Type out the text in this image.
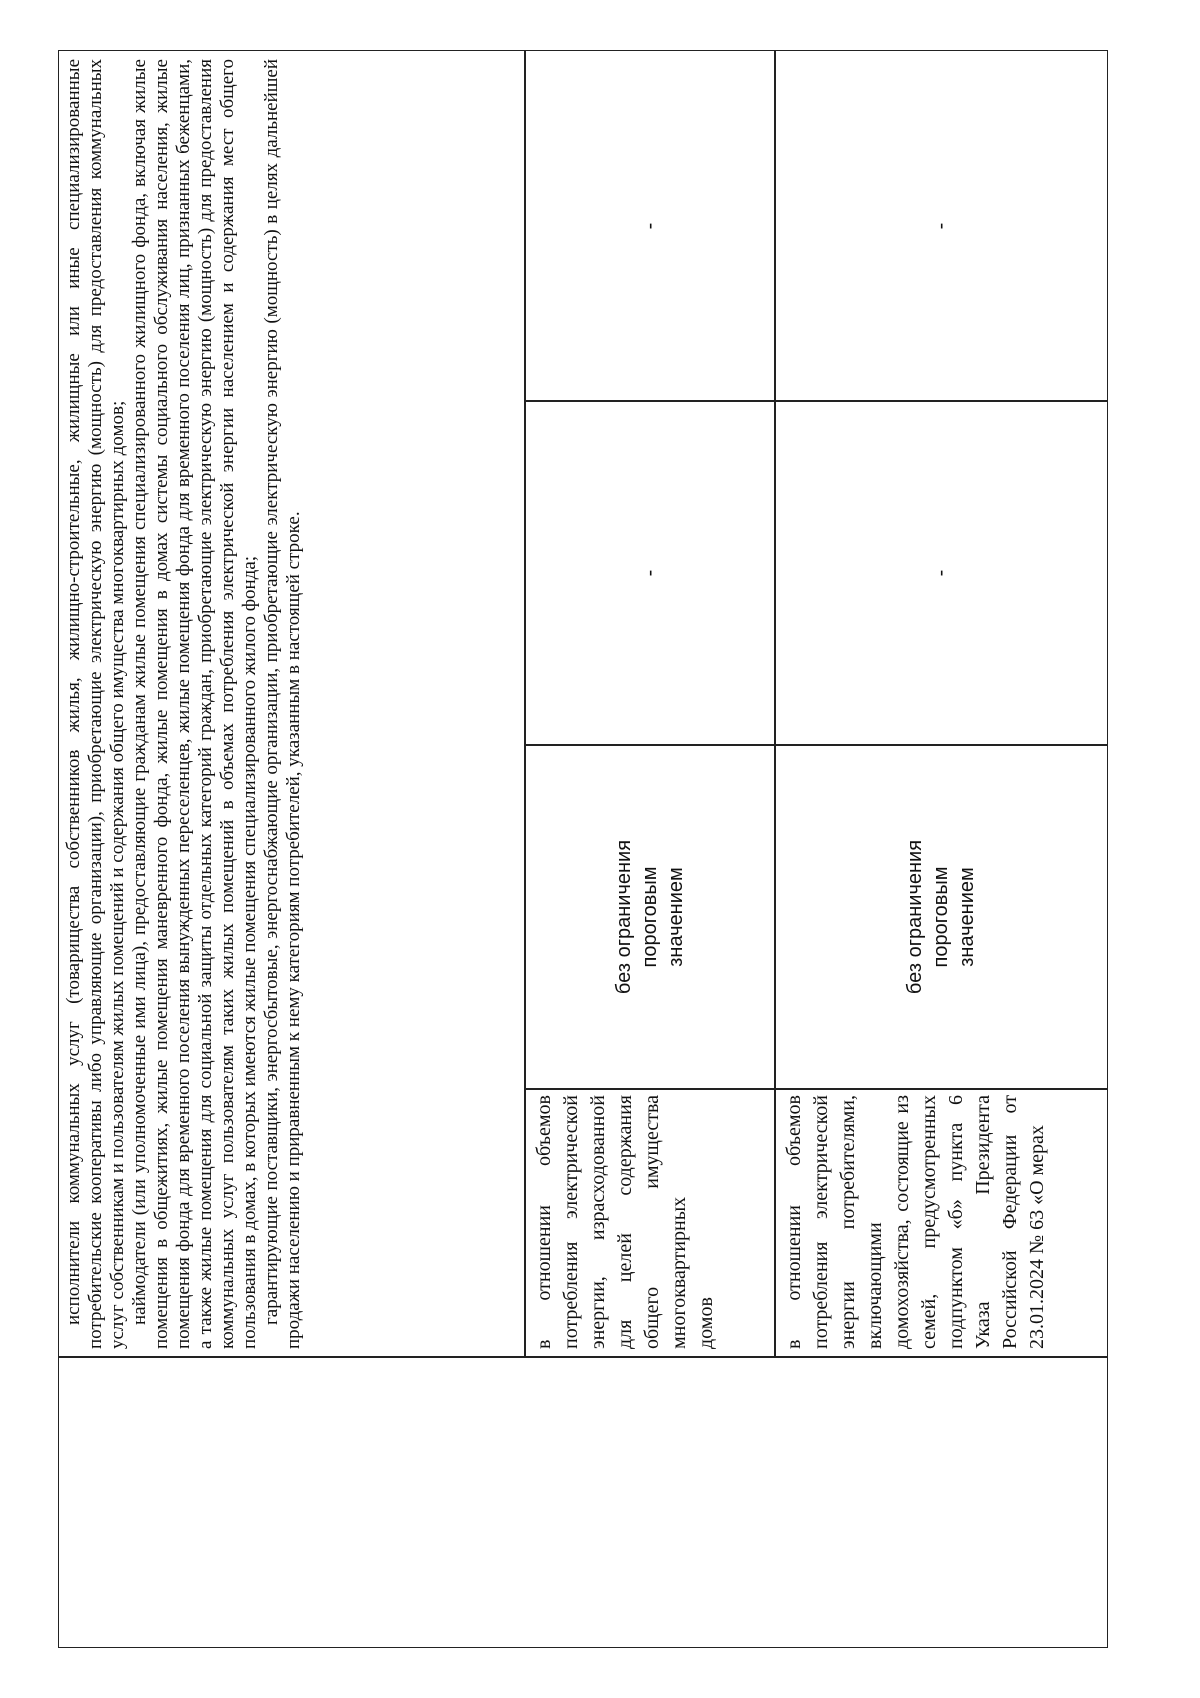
исполнители коммунальных услуг (товарищества собственников жилья, жилищно-строительные, жилищные или иные специализированные потребительские кооперативы либо управляющие организации), приобретающие электрическую энергию (мощность) для предоставления коммунальных услуг собственникам и пользователям жилых помещений и содержания общего имущества многоквартирных домов; наймодатели (или уполномоченные ими лица), предоставляющие гражданам жилые помещения специализированного жилищного фонда, включая жилые помещения в общежитиях, жилые помещения маневренного фонда, жилые помещения в домах системы социального обслуживания населения, жилые помещения фонда для временного поселения вынужденных переселенцев, жилые помещения фонда для временного поселения лиц, признанных беженцами, а также жилые помещения для социальной защиты отдельных категорий граждан, приобретающие электрическую энергию (мощность) для предоставления коммунальных услуг пользователям таких жилых помещений в объемах потребления электрической энергии населением и содержания мест общего пользования в домах, в которых имеются жилые помещения специализированного жилого фонда; гарантирующие поставщики, энергосбытовые, энергоснабжающие организации, приобретающие электрическую энергию (мощность) в целях дальнейшей продажи населению и приравненным к нему категориям потребителей, указанным в настоящей строке.	в отношении объемов потребления электрической энергии, израсходованной для целей содержания общего имущества многоквартирных домов
без ограничения пороговым значением
-
-
в отношении объемов потребления электрической энергии потребителями, включающими домохозяйства, состоящие из семей, предусмотренных подпунктом «б» пункта 6 Указа Президента Российской Федерации от 23.01.2024 № 63 «О мерах
без ограничения пороговым значением
-
-
